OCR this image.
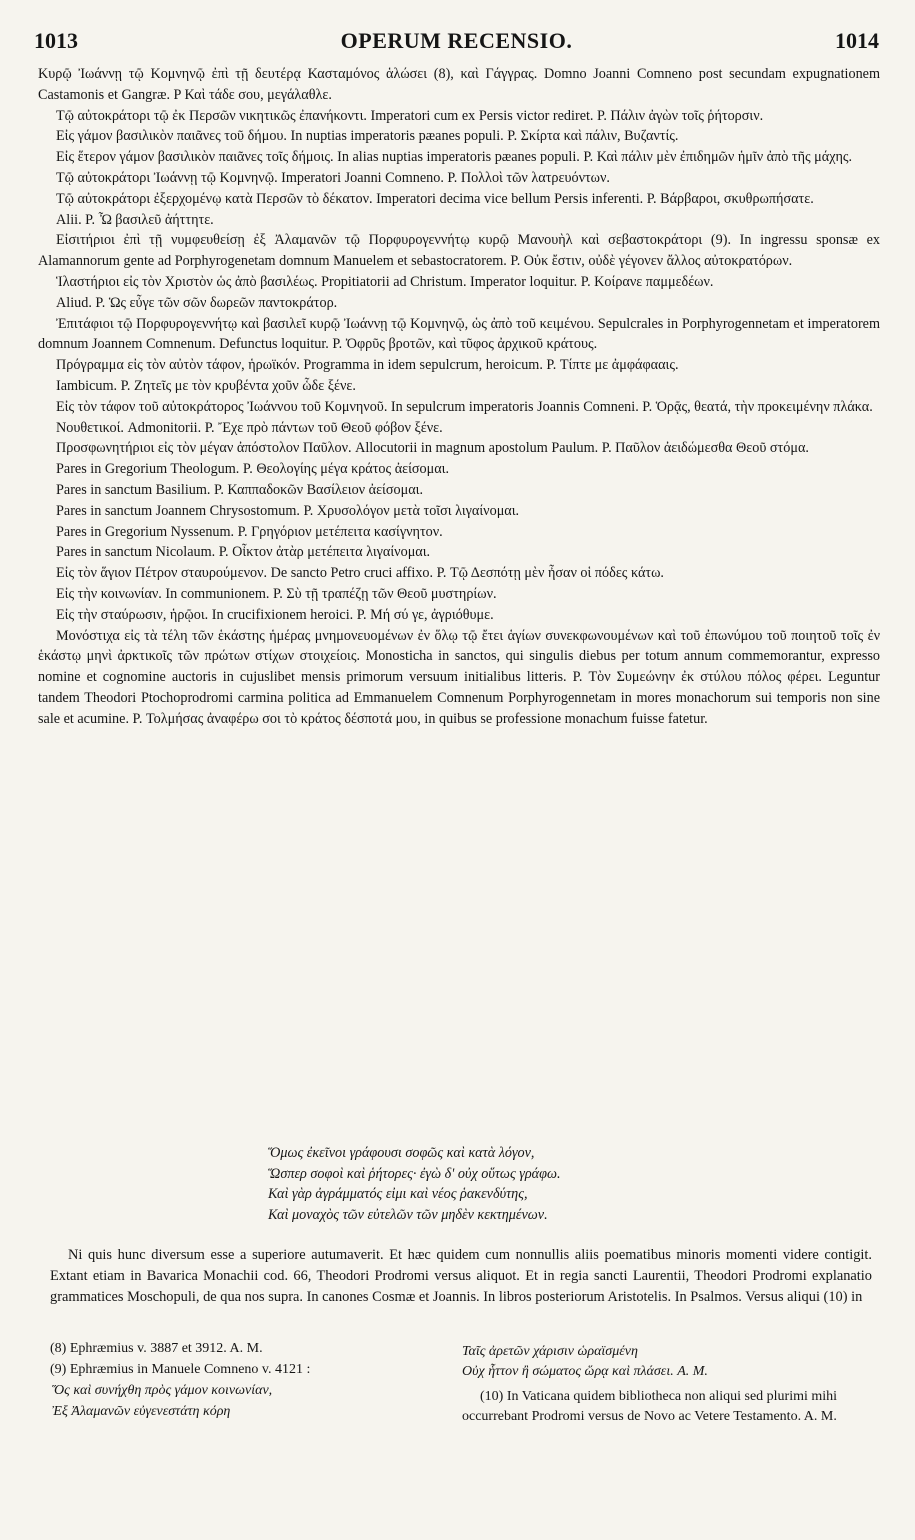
1013	OPERUM RECENSIO.	1014

Κυρῷ Ἰωάννῃ τῷ Κομνηνῷ ἐπὶ τῇ δευτέρᾳ Κασταμόνος ἁλώσει (8), καὶ Γάγγρας. Domno Joanni Comneno post secundam expugnationem Castamonis et Gangræ. P Καὶ τάδε σου, μεγάλαθλε.

Τῷ αὐτοκράτορι τῷ ἐκ Περσῶν νικητικῶς ἐπανήκοντι. Imperatori cum ex Persis victor rediret. P. Πάλιν ἀγὼν τοῖς ῥήτορσιν.

Εἰς γάμον βασιλικὸν παιᾶνες τοῦ δήμου. In nuptias imperatoris pæanes populi. P. Σκίρτα καὶ πάλιν, Βυζαντίς.

Εἰς ἕτερον γάμον βασιλικὸν παιᾶνες τοῖς δήμοις. In alias nuptias imperatoris pæanes populi. P. Καὶ πάλιν μὲν ἐπιδημῶν ἡμῖν ἀπὸ τῆς μάχης.

Τῷ αὐτοκράτορι Ἰωάννῃ τῷ Κομνηνῷ. Imperatori Joanni Comneno. P. Πολλοὶ τῶν λατρευόντων.

Τῷ αὐτοκράτορι ἐξερχομένῳ κατὰ Περσῶν τὸ δέκατον. Imperatori decima vice bellum Persis inferenti. P. Βάρβαροι, σκυθρωπήσατε.

Alii. P. Ὦ βασιλεῦ ἀήττητε.

Εἰσιτήριοι ἐπὶ τῇ νυμφευθείσῃ ἐξ Ἀλαμανῶν τῷ Πορφυρογεννήτῳ κυρῷ Μανουὴλ καὶ σεβαστοκράτορι (9). In ingressu sponsæ ex Alamannorum gente ad Porphyrogenetam domnum Manuelem et sebastocratorem. P. Οὐκ ἔστιν, οὐδὲ γέγονεν ἄλλος αὐτοκρατόρων.

Ἱλαστήριοι εἰς τὸν Χριστὸν ὡς ἀπὸ βασιλέως. Propitiatorii ad Christum. Imperator loquitur. P. Κοίρανε παμμεδέων.

Aliud. P. Ὡς εὖγε τῶν σῶν δωρεῶν παντοκράτορ.

Ἐπιτάφιοι τῷ Πορφυρογεννήτῳ καὶ βασιλεῖ κυρῷ Ἰωάννῃ τῷ Κομνηνῷ, ὡς ἀπὸ τοῦ κειμένου. Sepulcrales in Porphyrogennetam et imperatorem domnum Joannem Comnenum. Defunctus loquitur. P. Ὀφρῦς βροτῶν, καὶ τῦφος ἀρχικοῦ κράτους.

Πρόγραμμα εἰς τὸν αὐτὸν τάφον, ἡρωϊκόν. Programma in idem sepulcrum, heroicum. P. Τίπτε με ἀμφάφααις.

Iambicum. P. Ζητεῖς με τὸν κρυβέντα χοῦν ὧδε ξένε.

Εἰς τὸν τάφον τοῦ αὐτοκράτορος Ἰωάννου τοῦ Κομνηνοῦ. In sepulcrum imperatoris Joannis Comneni. P. Ὁρᾷς, θεατά, τὴν προκειμένην πλάκα.

Νουθετικοί. Admonitorii. P. Ἔχε πρὸ πάντων τοῦ Θεοῦ φόβον ξένε.

Προσφωνητήριοι εἰς τὸν μέγαν ἀπόστολον Παῦλον. Allocutorii in magnum apostolum Paulum. P. Παῦλον ἀειδώμεσθα Θεοῦ στόμα.

Pares in Gregorium Theologum. P. Θεολογίης μέγα κράτος ἀείσομαι.

Pares in sanctum Basilium. P. Καππαδοκῶν Βασίλειον ἀείσομαι.

Pares in sanctum Joannem Chrysostomum. P. Χρυσολόγον μετὰ τοῖσι λιγαίνομαι.

Pares in Gregorium Nyssenum. P. Γρηγόριον μετέπειτα κασίγνητον.

Pares in sanctum Nicolaum. P. Οἶκτον ἀτὰρ μετέπειτα λιγαίνομαι.

Εἰς τὸν ἅγιον Πέτρον σταυρούμενον. De sancto Petro cruci affixo. P. Τῷ Δεσπότῃ μὲν ἦσαν οἱ πόδες κάτω.

Εἰς τὴν κοινωνίαν. In communionem. P. Σὺ τῇ τραπέζῃ τῶν Θεοῦ μυστηρίων.

Εἰς τὴν σταύρωσιν, ἡρῷοι. In crucifixionem heroici. P. Μή σύ γε, ἀγριόθυμε.

Μονόστιχα εἰς τὰ τέλη τῶν ἑκάστης ἡμέρας μνημονευομένων ἐν ὅλῳ τῷ ἔτει ἁγίων συνεκφωνουμένων καὶ τοῦ ἐπωνύμου τοῦ ποιητοῦ τοῖς ἐν ἑκάστῳ μηνὶ ἀρκτικοῖς τῶν πρώτων στίχων στοιχείοις. Monosticha in sanctos, qui singulis diebus per totum annum commemorantur, expresso nomine et cognomine auctoris in cujuslibet mensis primorum versuum initialibus litteris. P. Τὸν Συμεώνην ἐκ στύλου πόλος φέρει. Leguntur tandem Theodori Ptochoprodromi carmina politica ad Emmanuelem Comnenum Porphyrogennetam in mores monachorum sui temporis non sine sale et acumine. P. Τολμήσας ἀναφέρω σοι τὸ κράτος δέσποτά μου, in quibus se professione monachum fuisse fatetur.

Ὅμως ἐκεῖνοι γράφουσι σοφῶς καὶ κατὰ λόγον,
Ὥσπερ σοφοὶ καὶ ῥήτορες· ἐγὼ δ' οὐχ οὕτως γράφω.
Καὶ γὰρ ἀγράμματός εἰμι καὶ νέος ῥακενδύτης,
Καὶ μοναχὸς τῶν εὐτελῶν τῶν μηδὲν κεκτημένων.

Ni quis hunc diversum esse a superiore autumaverit. Et hæc quidem cum nonnullis aliis poematibus minoris momenti videre contigit. Extant etiam in Bavarica Monachii cod. 66, Theodori Prodromi versus aliquot. Et in regia sancti Laurentii, Theodori Prodromi explanatio grammatices Moschopuli, de qua nos supra. In canones Cosmæ et Joannis. In libros posteriorum Aristotelis. In Psalmos. Versus aliqui (10) in

(8) Ephræmius v. 3887 et 3912. A. M.
(9) Ephræmius in Manuele Comneno v. 4121 :
Ὅς καὶ συνήχθη πρὸς γάμον κοινωνίαν,
Ἐξ Ἀλαμανῶν εὐγενεστάτη κόρη
Ταῖς ἀρετῶν χάρισιν ὡραϊσμένη
Οὐχ ἧττον ἢ σώματος ὥρᾳ καὶ πλάσει. A. M.
(10) In Vaticana quidem bibliotheca non aliqui sed plurimi mihi occurrebant Prodromi versus de Novo ac Vetere Testamento. A. M.
